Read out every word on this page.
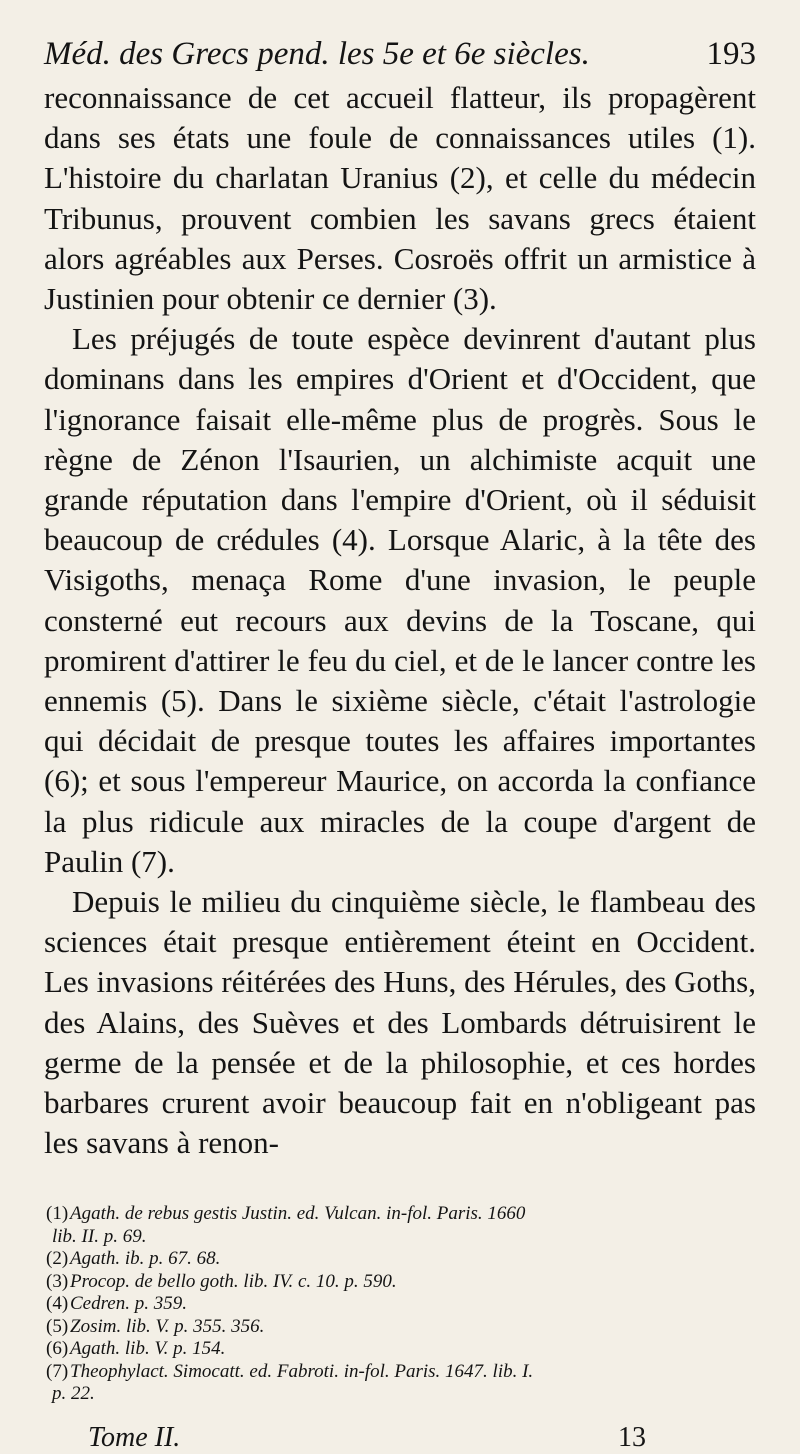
Méd. des Grecs pend. les 5e et 6e siècles.	193

reconnaissance de cet accueil flatteur, ils propagèrent dans ses états une foule de connaissances utiles (1). L'histoire du charlatan Uranius (2), et celle du médecin Tribunus, prouvent combien les savans grecs étaient alors agréables aux Perses. Cosroës offrit un armistice à Justinien pour obtenir ce dernier (3).

Les préjugés de toute espèce devinrent d'autant plus dominans dans les empires d'Orient et d'Occident, que l'ignorance faisait elle-même plus de progrès. Sous le règne de Zénon l'Isaurien, un alchimiste acquit une grande réputation dans l'empire d'Orient, où il séduisit beaucoup de crédules (4). Lorsque Alaric, à la tête des Visigoths, menaça Rome d'une invasion, le peuple consterné eut recours aux devins de la Toscane, qui promirent d'attirer le feu du ciel, et de le lancer contre les ennemis (5). Dans le sixième siècle, c'était l'astrologie qui décidait de presque toutes les affaires importantes (6); et sous l'empereur Maurice, on accorda la confiance la plus ridicule aux miracles de la coupe d'argent de Paulin (7).

Depuis le milieu du cinquième siècle, le flambeau des sciences était presque entièrement éteint en Occident. Les invasions réitérées des Huns, des Hérules, des Goths, des Alains, des Suèves et des Lombards détruisirent le germe de la pensée et de la philosophie, et ces hordes barbares crurent avoir beaucoup fait en n'obligeant pas les savans à renon-

(1)Agath. de rebus gestis Justin. ed. Vulcan. in-fol. Paris. 1660
lib. II. p. 69.
(2)Agath. ib. p. 67. 68.
(3)Procop. de bello goth. lib. IV. c. 10. p. 590.
(4)Cedren. p. 359.
(5)Zosim. lib. V. p. 355. 356.
(6)Agath. lib. V. p. 154.
(7)Theophylact. Simocatt. ed. Fabroti. in-fol. Paris. 1647. lib. I.
p. 22.
Tome II.	13
